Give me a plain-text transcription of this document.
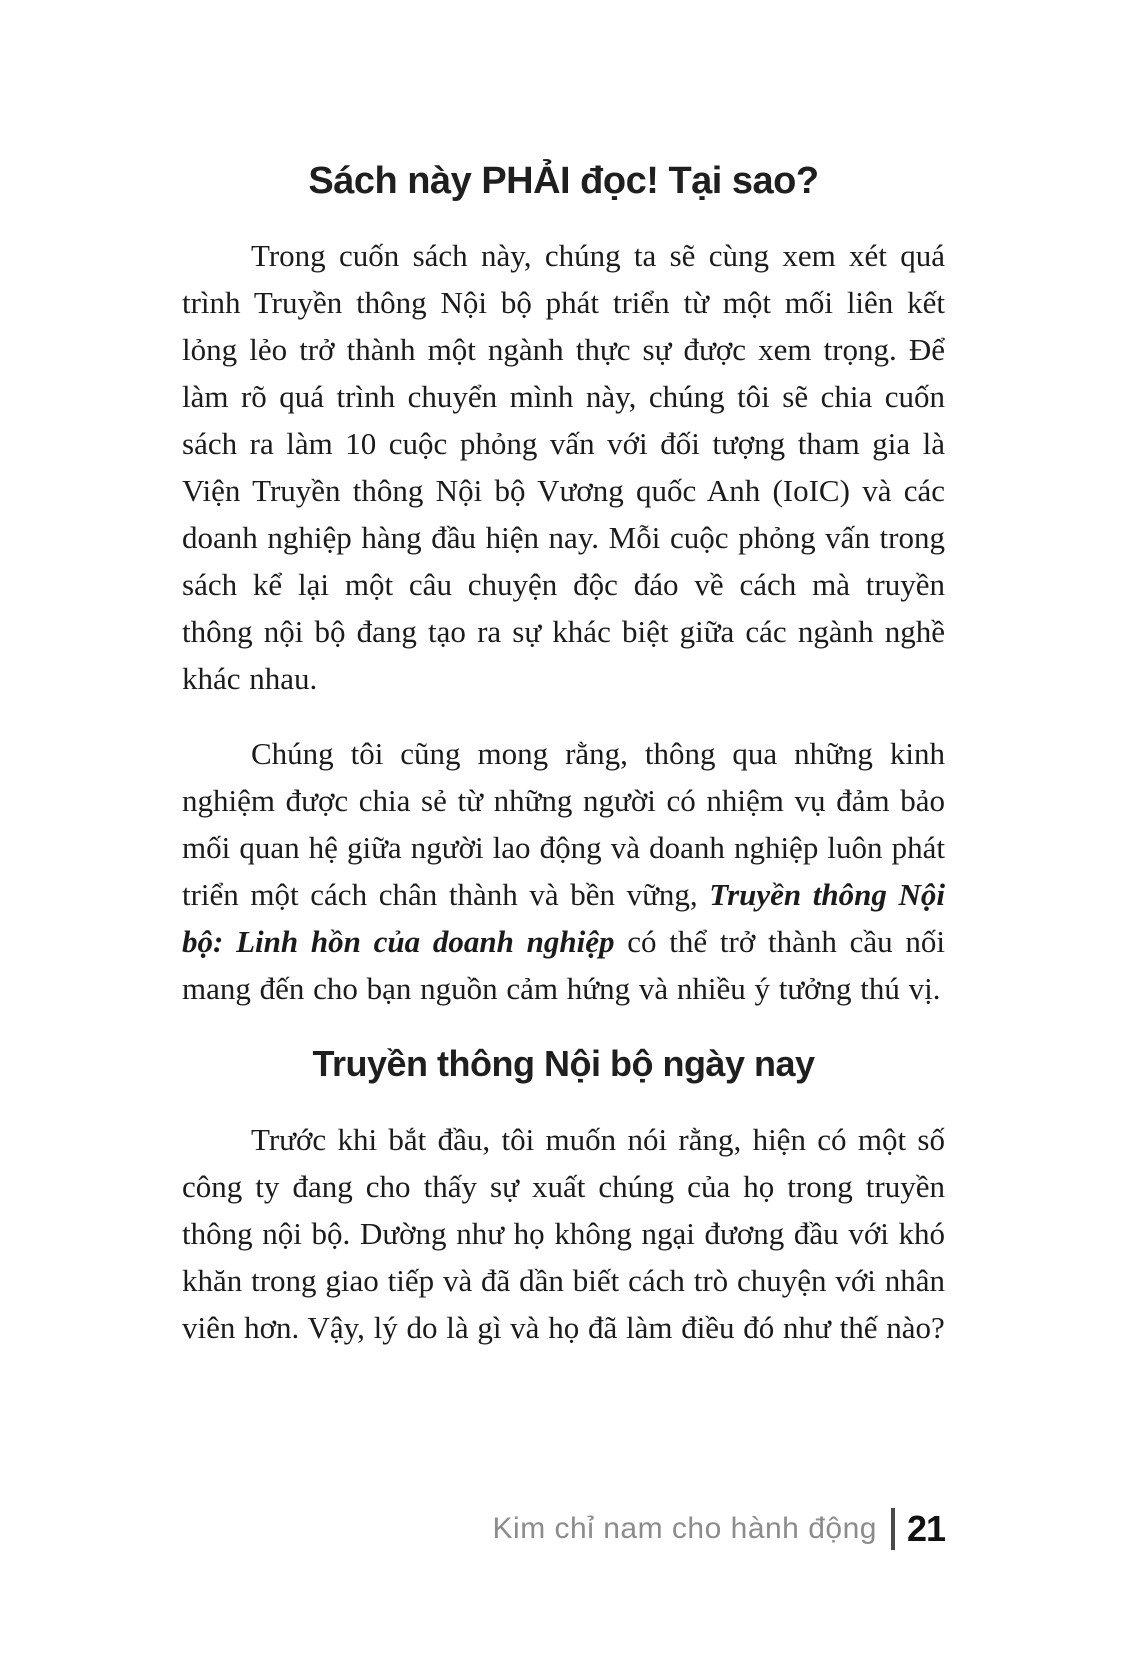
Sách này PHẢI đọc! Tại sao?

Trong cuốn sách này, chúng ta sẽ cùng xem xét quá trình Truyền thông Nội bộ phát triển từ một mối liên kết lỏng lẻo trở thành một ngành thực sự được xem trọng. Để làm rõ quá trình chuyển mình này, chúng tôi sẽ chia cuốn sách ra làm 10 cuộc phỏng vấn với đối tượng tham gia là Viện Truyền thông Nội bộ Vương quốc Anh (IoIC) và các doanh nghiệp hàng đầu hiện nay. Mỗi cuộc phỏng vấn trong sách kể lại một câu chuyện độc đáo về cách mà truyền thông nội bộ đang tạo ra sự khác biệt giữa các ngành nghề khác nhau.

Chúng tôi cũng mong rằng, thông qua những kinh nghiệm được chia sẻ từ những người có nhiệm vụ đảm bảo mối quan hệ giữa người lao động và doanh nghiệp luôn phát triển một cách chân thành và bền vững, Truyền thông Nội bộ: Linh hồn của doanh nghiệp có thể trở thành cầu nối mang đến cho bạn nguồn cảm hứng và nhiều ý tưởng thú vị.

Truyền thông Nội bộ ngày nay

Trước khi bắt đầu, tôi muốn nói rằng, hiện có một số công ty đang cho thấy sự xuất chúng của họ trong truyền thông nội bộ. Dường như họ không ngại đương đầu với khó khăn trong giao tiếp và đã dần biết cách trò chuyện với nhân viên hơn. Vậy, lý do là gì và họ đã làm điều đó như thế nào?

Kim chỉ nam cho hành động 21
